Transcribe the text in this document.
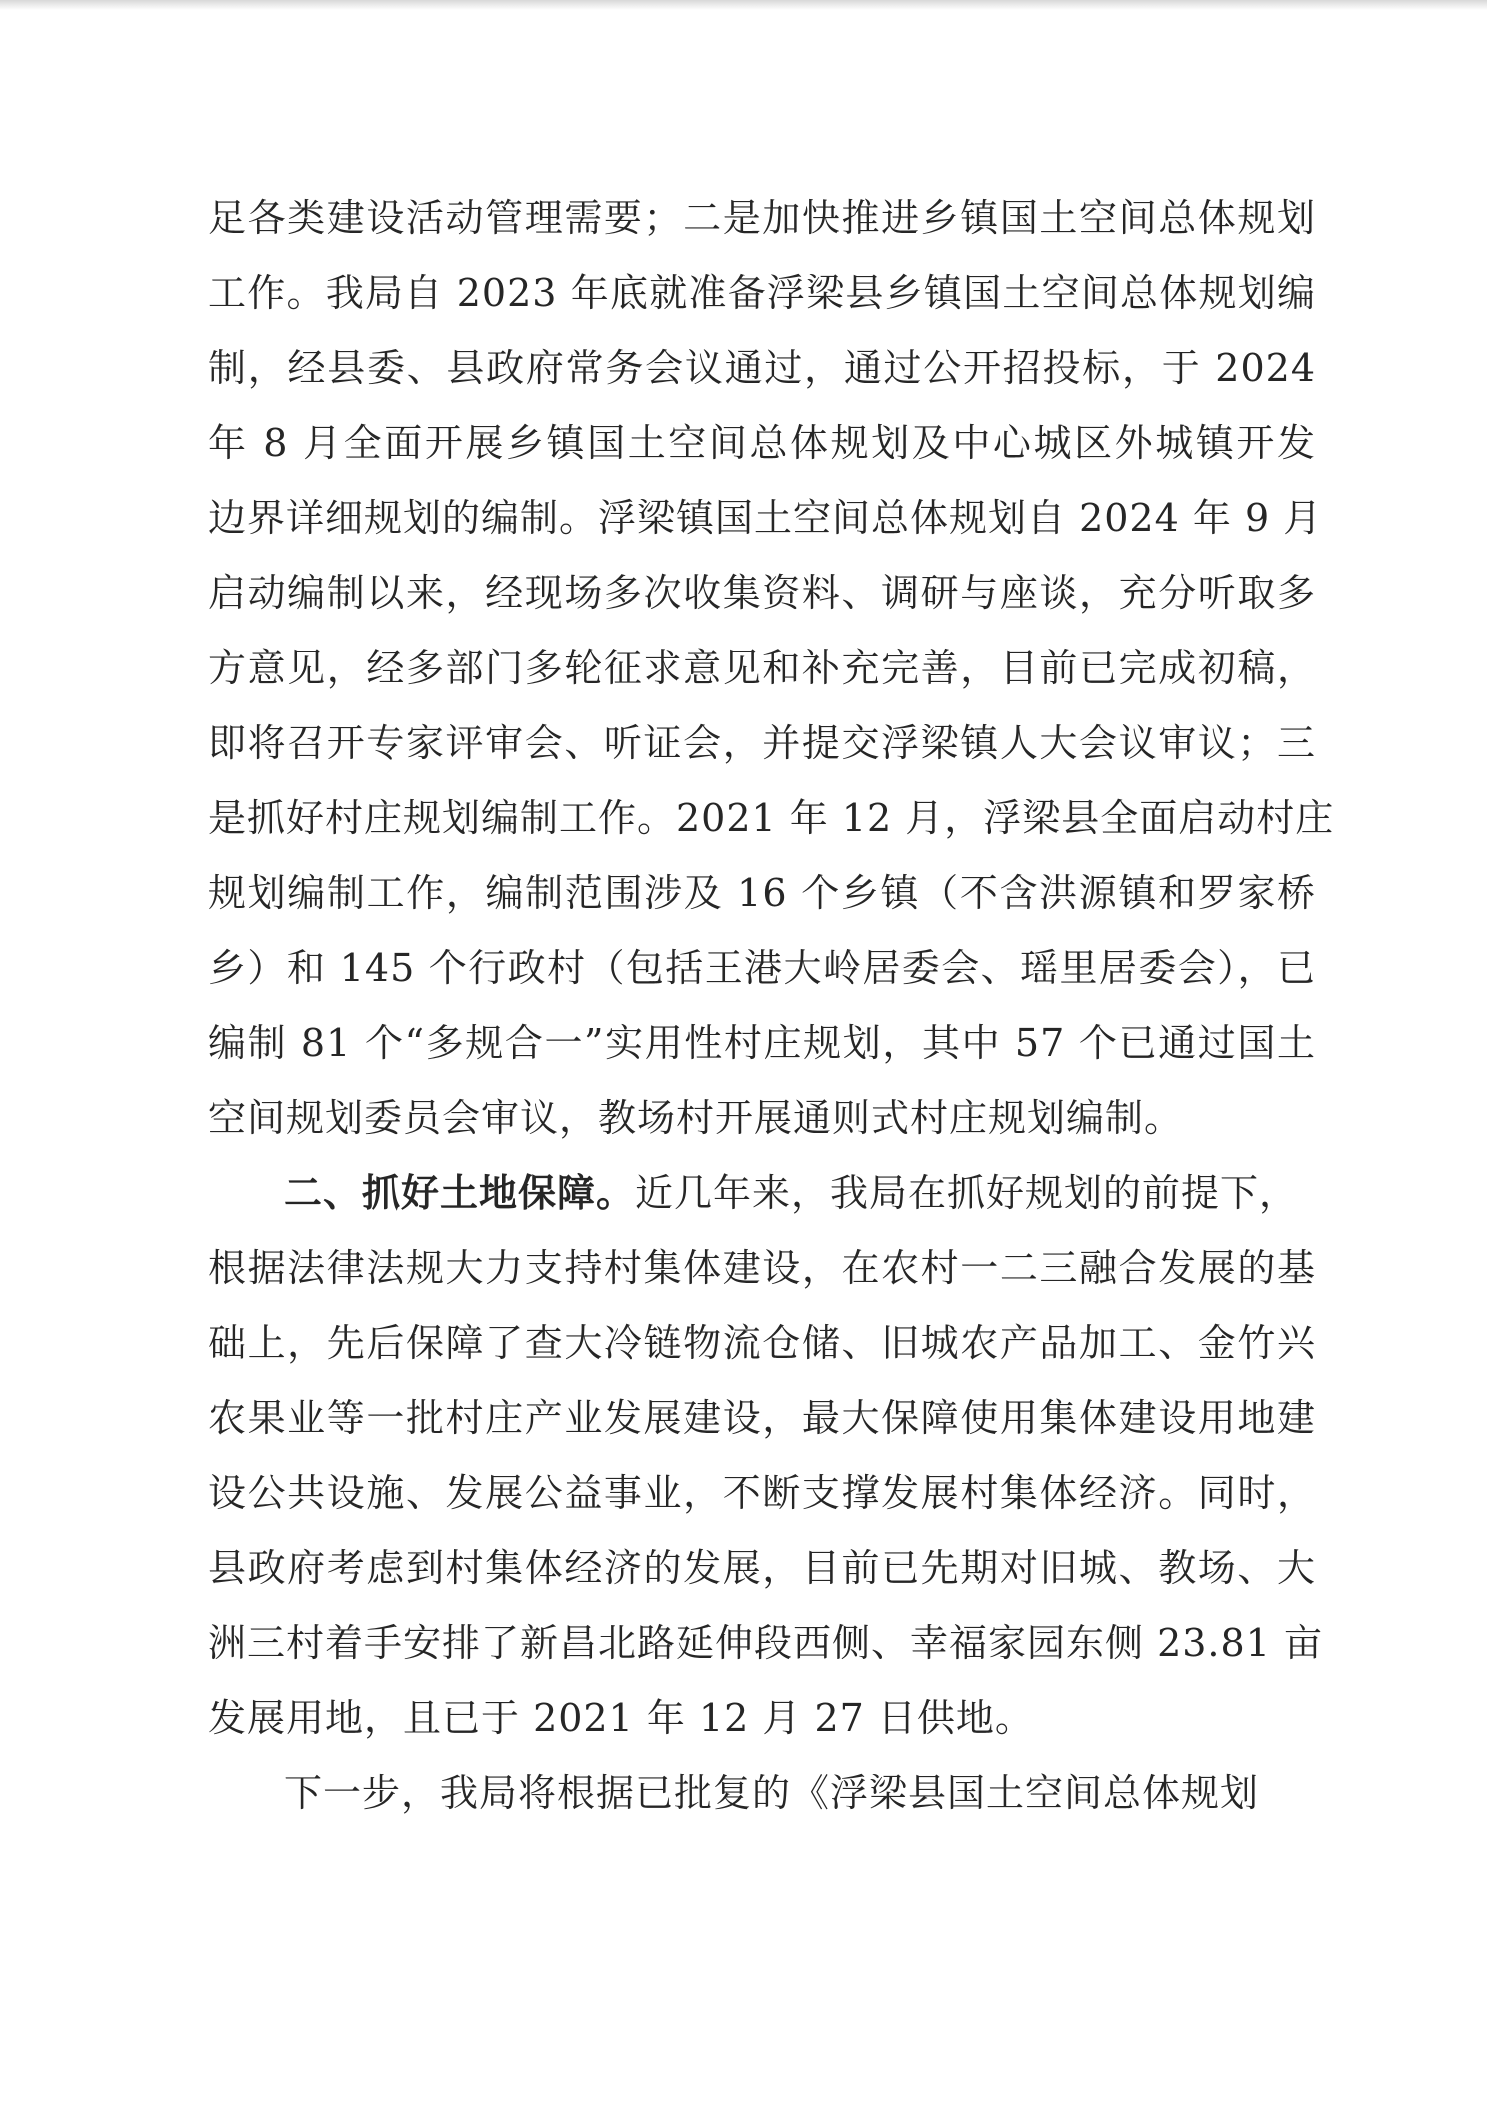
足各类建设活动管理需要；二是加快推进乡镇国土空间总体规划
工作。我局自 2023 年底就准备浮梁县乡镇国土空间总体规划编
制，经县委、县政府常务会议通过，通过公开招投标，于 2024
年 8 月全面开展乡镇国土空间总体规划及中心城区外城镇开发
边界详细规划的编制。浮梁镇国土空间总体规划自 2024 年 9 月
启动编制以来，经现场多次收集资料、调研与座谈，充分听取多
方意见，经多部门多轮征求意见和补充完善，目前已完成初稿，
即将召开专家评审会、听证会，并提交浮梁镇人大会议审议；三
是抓好村庄规划编制工作。2021 年 12 月，浮梁县全面启动村庄
规划编制工作，编制范围涉及 16 个乡镇（不含洪源镇和罗家桥
乡）和 145 个行政村（包括王港大岭居委会、瑶里居委会），已
编制 81 个“多规合一”实用性村庄规划，其中 57 个已通过国土
空间规划委员会审议，教场村开展通则式村庄规划编制。
二、抓好土地保障。近几年来，我局在抓好规划的前提下，
根据法律法规大力支持村集体建设，在农村一二三融合发展的基
础上，先后保障了查大冷链物流仓储、旧城农产品加工、金竹兴
农果业等一批村庄产业发展建设，最大保障使用集体建设用地建
设公共设施、发展公益事业，不断支撑发展村集体经济。同时，
县政府考虑到村集体经济的发展，目前已先期对旧城、教场、大
洲三村着手安排了新昌北路延伸段西侧、幸福家园东侧 23.81 亩
发展用地，且已于 2021 年 12 月 27 日供地。
下一步，我局将根据已批复的《浮梁县国土空间总体规划
